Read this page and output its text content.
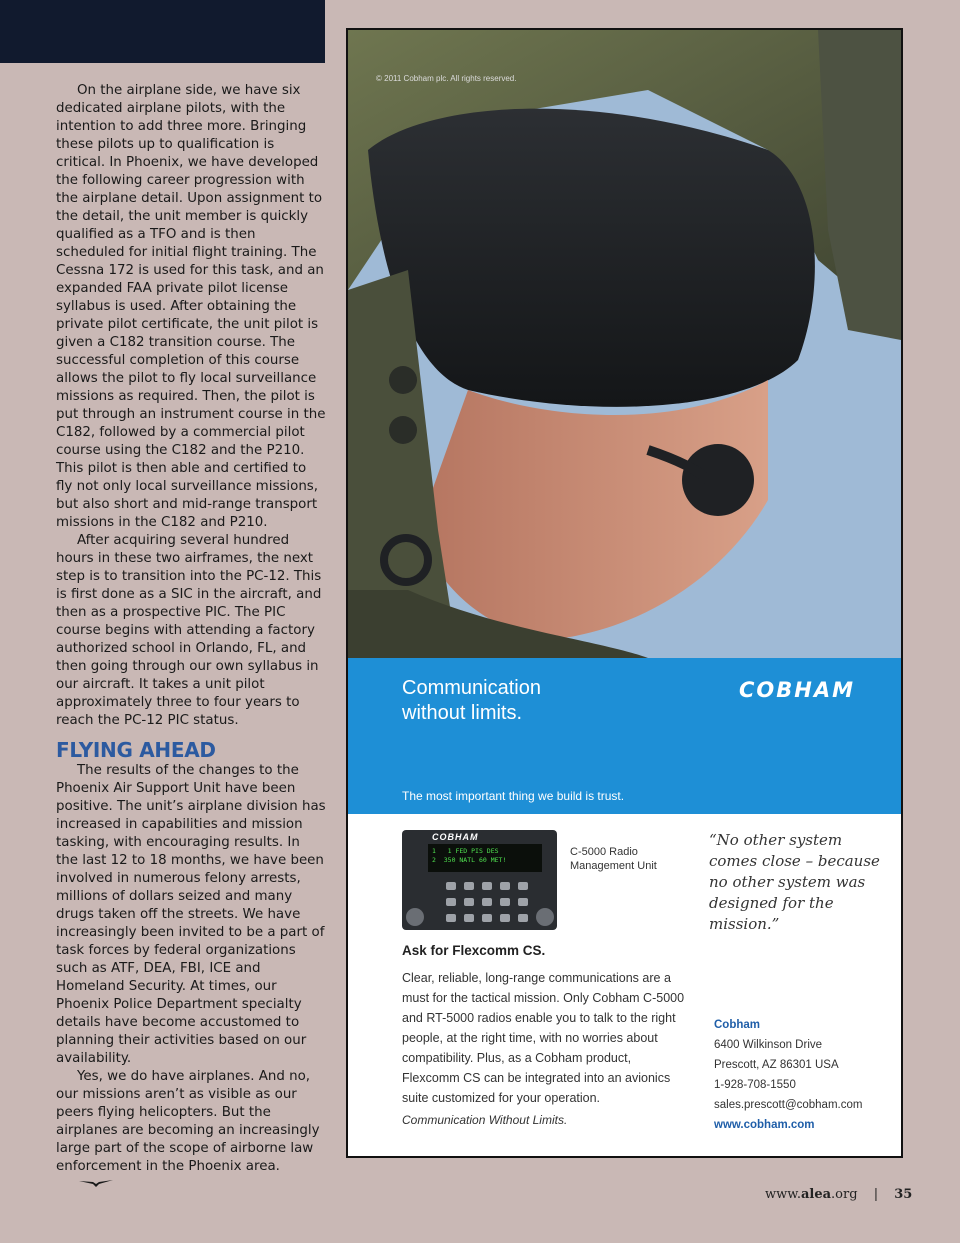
On the airplane side, we have six dedicated airplane pilots, with the intention to add three more. Bringing these pilots up to qualification is critical. In Phoenix, we have developed the following career progression with the airplane detail. Upon assignment to the detail, the unit member is quickly qualified as a TFO and is then scheduled for initial flight training. The Cessna 172 is used for this task, and an expanded FAA private pilot license syllabus is used. After obtaining the private pilot certificate, the unit pilot is given a C182 transition course. The successful completion of this course allows the pilot to fly local surveillance missions as required. Then, the pilot is put through an instrument course in the C182, followed by a commercial pilot course using the C182 and the P210. This pilot is then able and certified to fly not only local surveillance missions, but also short and mid-range transport missions in the C182 and P210.

After acquiring several hundred hours in these two airframes, the next step is to transition into the PC-12. This is first done as a SIC in the aircraft, and then as a prospective PIC. The PIC course begins with attending a factory authorized school in Orlando, FL, and then going through our own syllabus in our aircraft. It takes a unit pilot approximately three to four years to reach the PC-12 PIC status.

FLYING AHEAD

The results of the changes to the Phoenix Air Support Unit have been positive. The unit’s airplane division has increased in capabilities and mission tasking, with encouraging results. In the last 12 to 18 months, we have been involved in numerous felony arrests, millions of dollars seized and many drugs taken off the streets. We have increasingly been invited to be a part of task forces by federal organizations such as ATF, DEA, FBI, ICE and Homeland Security. At times, our Phoenix Police Department specialty details have become accustomed to planning their activities based on our availability.

Yes, we do have airplanes. And no, our missions aren’t as visible as our peers flying helicopters. But the airplanes are becoming an increasingly large part of the scope of airborne law enforcement in the Phoenix area.

© 2011 Cobham plc. All rights reserved.
Communication
without limits.
COBHAM
The most important thing we build is trust.
COBHAM
1   1 FED PIS DES
2  350 NATL 60 MET!
C-5000 Radio
Management Unit
“No other system comes close – because no other system was designed for the mission.”
Ask for Flexcomm CS.
Clear, reliable, long-range communications are a must for the tactical mission. Only Cobham C-5000 and RT-5000 radios enable you to talk to the right people, at the right time, with no worries about compatibility. Plus, as a Cobham product, Flexcomm CS can be integrated into an avionics suite customized for your operation.
Communication Without Limits.
Cobham
6400 Wilkinson Drive
Prescott, AZ 86301 USA
1-928-708-1550
sales.prescott@cobham.com
www.cobham.com
www.alea.org | 35
